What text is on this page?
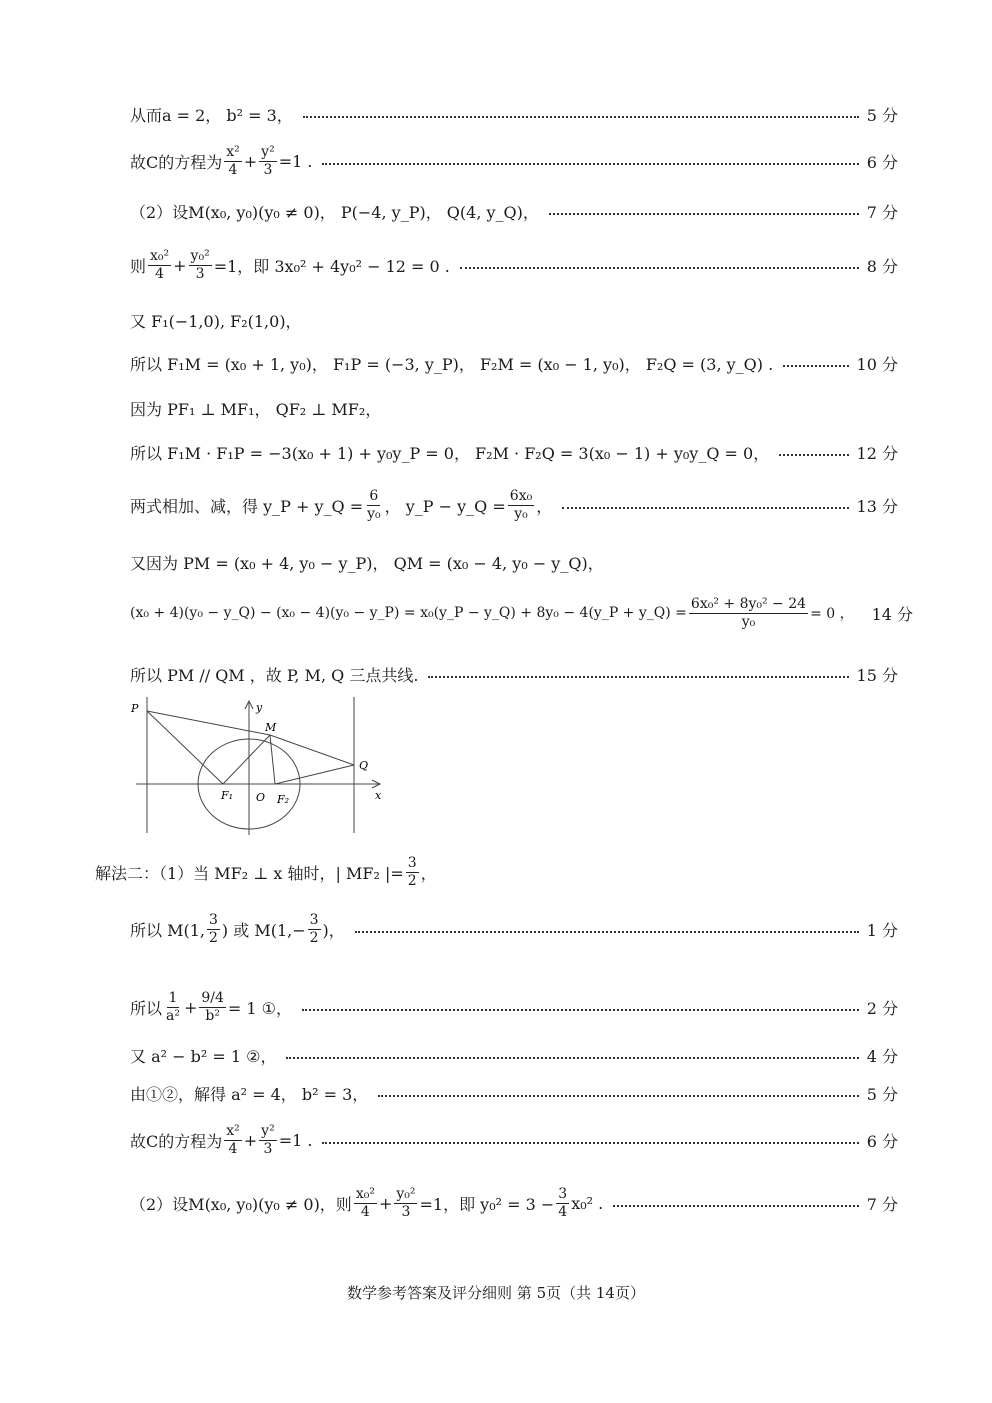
从而a = 2， b² = 3，	5 分
故C的方程为 $\frac{\text{x²}}{4} + \frac{\text{y²}}{3} =1$ .	6 分
（2）设M(x₀, y₀)(y₀ ≠ 0)， P(−4, y_P)， Q(4, y_Q)，	7 分
则 $\frac{\text{x₀²}}{4} + \frac{\text{y₀²}}{3} =1$，即 3x₀² + 4y₀² − 12 = 0 .	8 分
又 F₁(−1,0), F₂(1,0)，
所以 F₁M = (x₀ + 1, y₀)， F₁P = (−3, y_P)， F₂M = (x₀ − 1, y₀)， F₂Q = (3, y_Q) .	10 分
因为 PF₁ ⊥ MF₁， QF₂ ⊥ MF₂，
所以 F₁M · F₁P = −3(x₀ + 1) + y₀y_P = 0， F₂M · F₂Q = 3(x₀ − 1) + y₀y_Q = 0，	12 分
两式相加、减，得 y_P + y_Q = $\frac{6}{\text{y₀}}$ ， y_P − y_Q = $\frac{\text{6x₀}}{\text{y₀}}$ ，	13 分
又因为 PM = (x₀ + 4, y₀ − y_P)， QM = (x₀ − 4, y₀ − y_Q)，
(x₀ + 4)(y₀ − y_Q) − (x₀ − 4)(y₀ − y_P) = x₀(y_P − y_Q) + 8y₀ − 4(y_P + y_Q) = $\frac{\text{6x₀² + 8y₀² − 24}}{\text{y₀}} = 0$ ， 14 分
所以 PM // QM ，故 P, M, Q 三点共线.	15 分
P
M
Q
F₁	F₂
O	x
y
解法二：（1）当 MF₂ ⊥ x 轴时，| MF₂ |= $\frac{3}{2}$ ，
所以 M(1, $\frac{3}{2}$ ) 或 $M(1,- \frac{3}{2}$ )，	1 分
所以 $\frac{1}{\text{a²}} + \frac{9/4}{\text{b²}} = 1$ ①，	2 分
又 a² − b² = 1 ②，	4 分
由①②，解得 a² = 4， b² = 3，	5 分
故C的方程为 $\frac{\text{x²}}{4} + \frac{\text{y²}}{3} =1$ .	6 分
（2）设M(x₀, y₀)(y₀ ≠ 0)，则 $\frac{\text{x₀²}}{4} + \frac{\text{y₀²}}{3} =1$，即 $y_0^2 = 3 - \frac{3}{4} x_0^2$ .	7 分
数学参考答案及评分细则 第 5页（共 14页）
